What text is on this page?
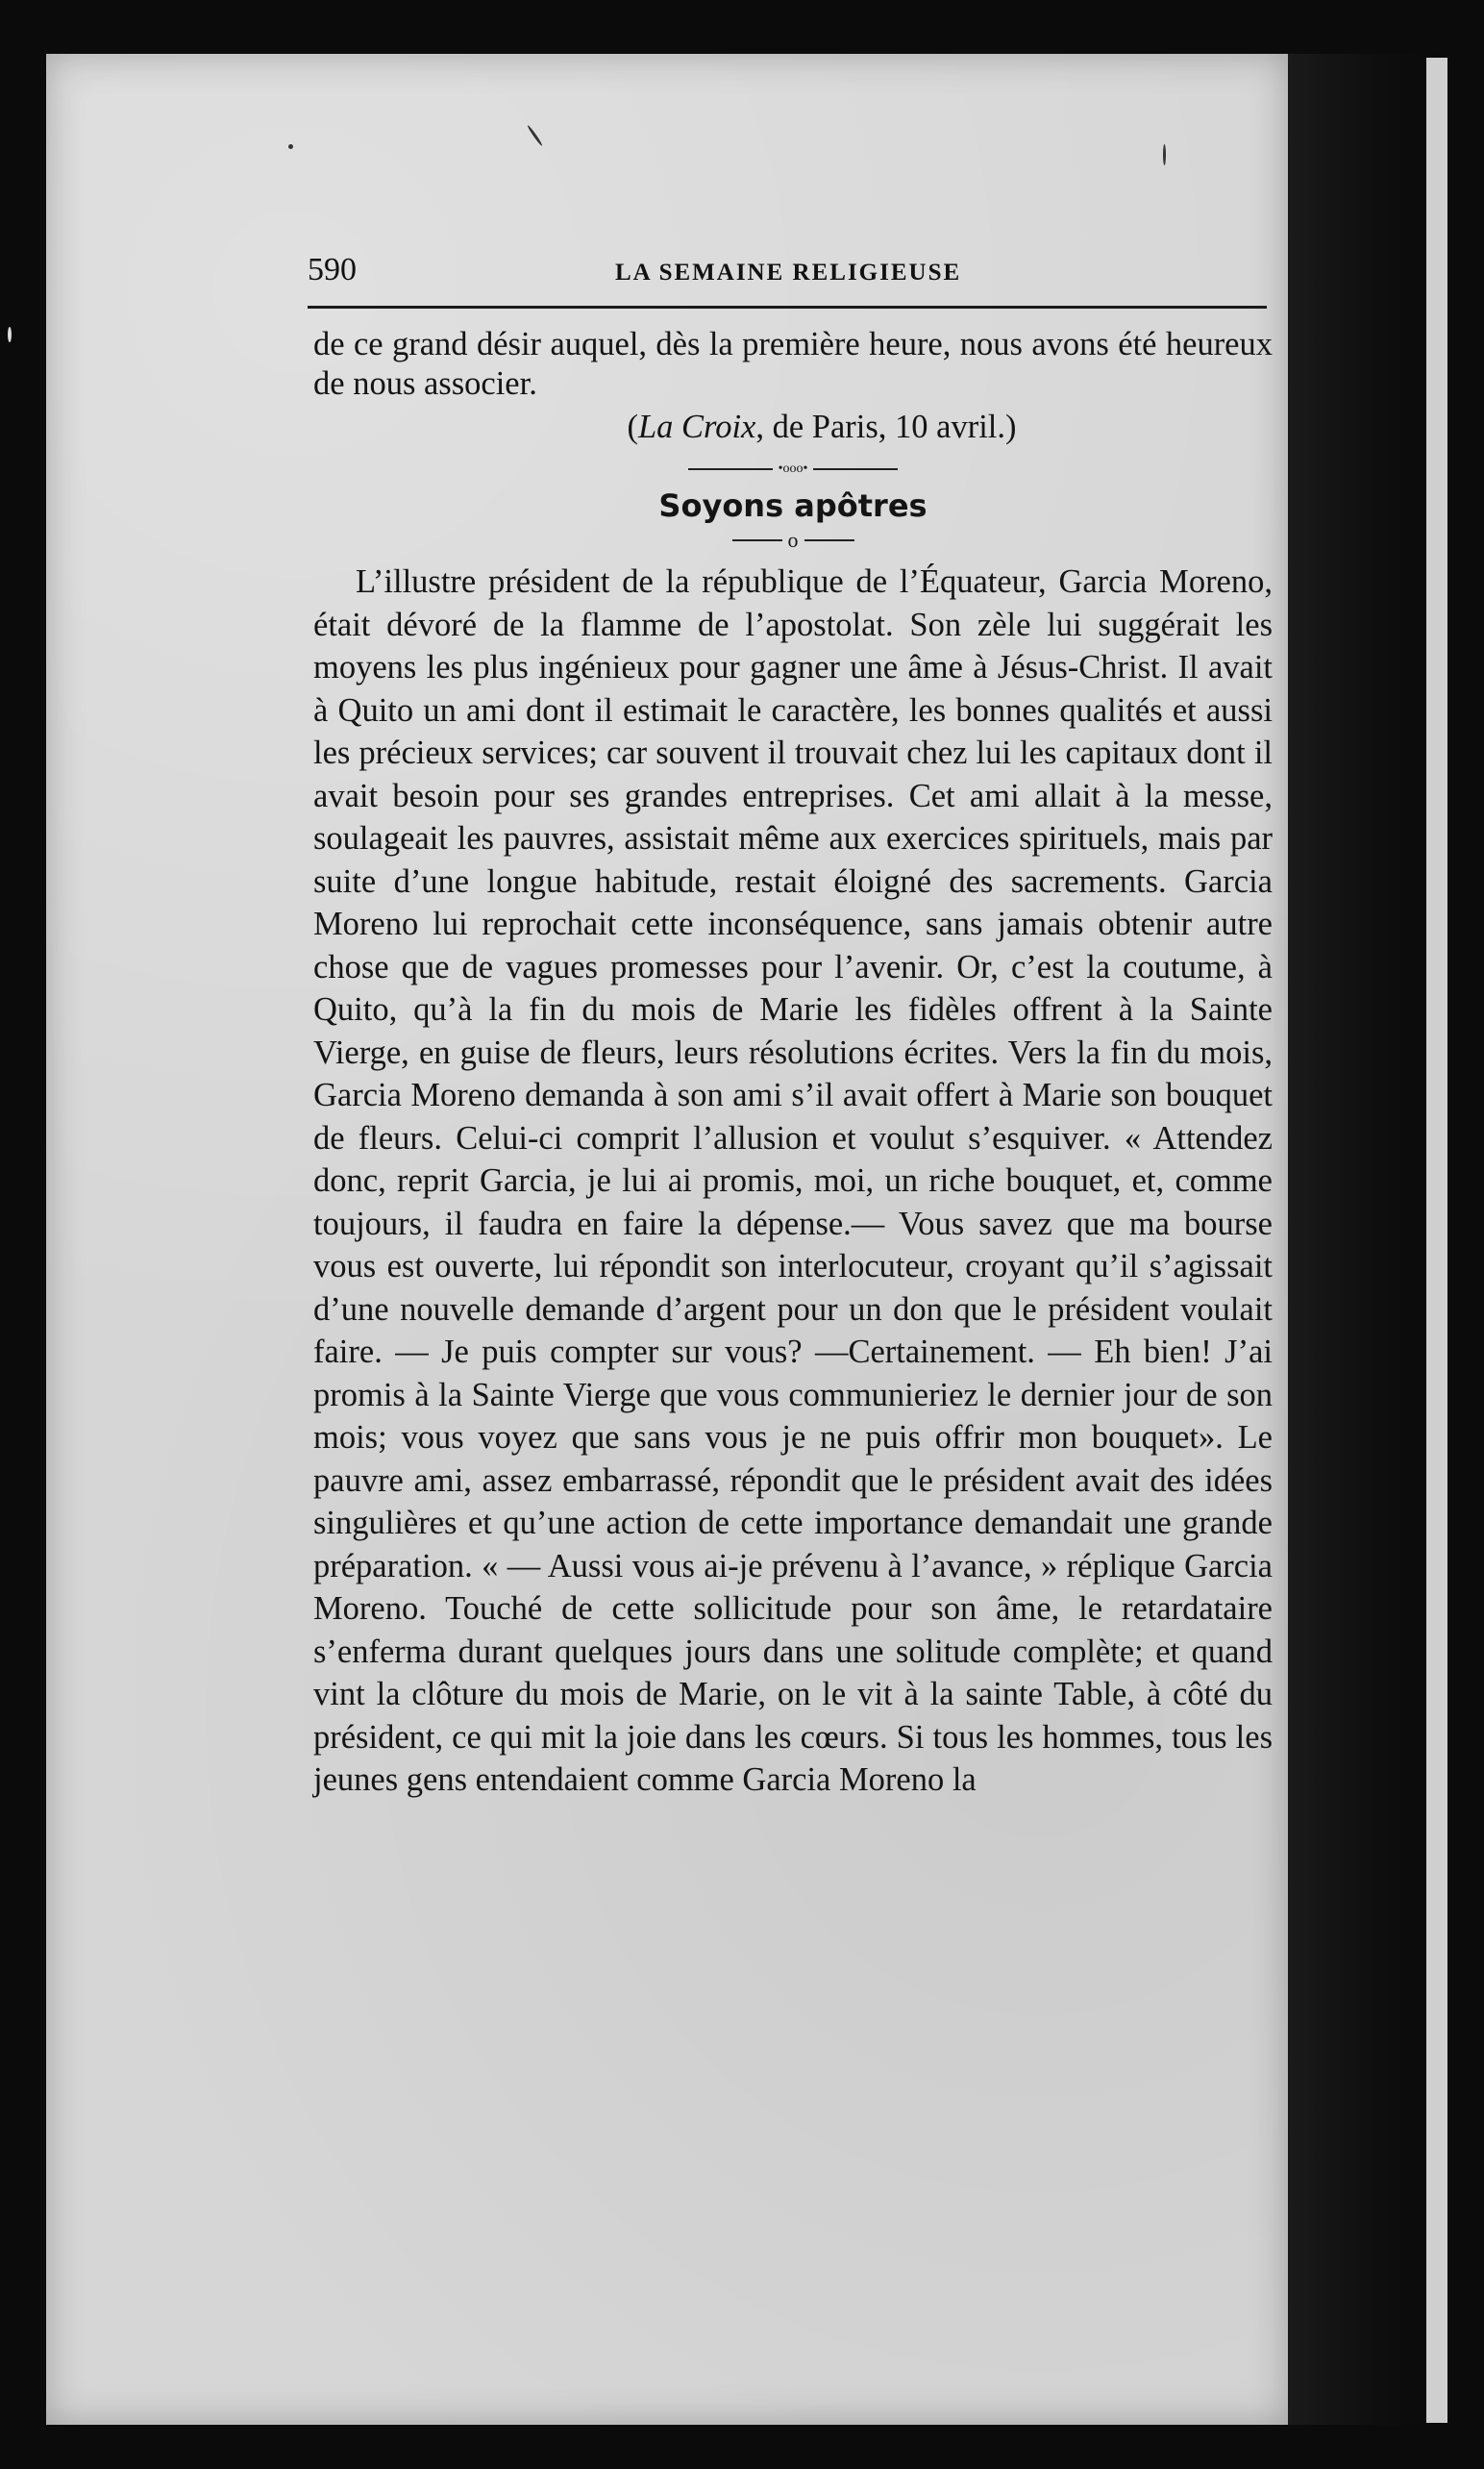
590	LA SEMAINE RELIGIEUSE

de ce grand désir auquel, dès la première heure, nous avons été heureux de nous associer.

(La Croix, de Paris, 10 avril.)

•ooo•
Soyons apôtres
o

L’illustre président de la république de l’Équateur, Garcia Moreno, était dévoré de la flamme de l’apostolat. Son zèle lui suggérait les moyens les plus ingénieux pour gagner une âme à Jésus-Christ. Il avait à Quito un ami dont il estimait le caractère, les bonnes qualités et aussi les précieux services; car souvent il trouvait chez lui les capitaux dont il avait besoin pour ses grandes entreprises. Cet ami allait à la messe, soulageait les pauvres, assistait même aux exercices spirituels, mais par suite d’une longue habitude, restait éloigné des sacrements. Garcia Moreno lui reprochait cette inconséquence, sans jamais obtenir autre chose que de vagues promesses pour l’avenir. Or, c’est la coutume, à Quito, qu’à la fin du mois de Marie les fidèles offrent à la Sainte Vierge, en guise de fleurs, leurs résolutions écrites. Vers la fin du mois, Garcia Moreno demanda à son ami s’il avait offert à Marie son bouquet de fleurs. Celui-ci comprit l’allusion et voulut s’esquiver. « Attendez donc, reprit Garcia, je lui ai promis, moi, un riche bouquet, et, comme toujours, il faudra en faire la dépense.— Vous savez que ma bourse vous est ouverte, lui répondit son interlocuteur, croyant qu’il s’agissait d’une nouvelle demande d’argent pour un don que le président voulait faire. — Je puis compter sur vous? —Certainement. — Eh bien! J’ai promis à la Sainte Vierge que vous communieriez le dernier jour de son mois; vous voyez que sans vous je ne puis offrir mon bouquet». Le pauvre ami, assez embarrassé, répondit que le président avait des idées singulières et qu’une action de cette importance demandait une grande préparation. « — Aussi vous ai-je prévenu à l’avance, » réplique Garcia Moreno. Touché de cette sollicitude pour son âme, le retardataire s’enferma durant quelques jours dans une solitude complète; et quand vint la clôture du mois de Marie, on le vit à la sainte Table, à côté du président, ce qui mit la joie dans les cœurs. Si tous les hommes, tous les jeunes gens entendaient comme Garcia Moreno la
